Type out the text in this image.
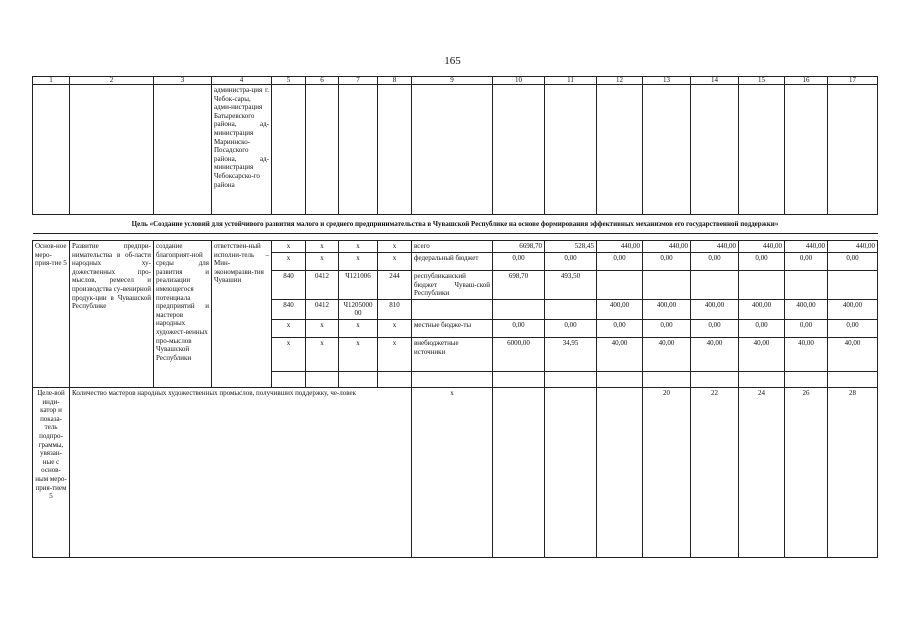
165
1	2	3	4	5	6	7	8	9	10	11	12	13	14	15	16	17
			администра-ция г. Чебок-сары, адми-нистрация Батыревского района, ад-министрация Мариинско-Посадского района, ад-министрация Чебоксарско-го района													
Цель «Создание условий для устойчивого развития малого и среднего предпринимательства в Чувашской Республике на основе формирования эффективных механизмов его государственной поддержки»																

Основ-ное меро-прия-тие 5	Развитие предпри-нимательства в об-ласти народных ху-дожественных про-мыслов, ремесел и производства су-венирной продук-ции в Чувашской Республике	создание благоприят-ной среды для развития и реализации имеющегося потенциала предприятий и мастеров народных художест-венных про-мыслов Чувашской Республики	ответствен-ный исполни-тель – Мин-экономразви-тия Чувашии	x	x	x	x	всего	6698,70	528,45	440,00	440,00	440,00	440,00	440,00	440,00
				x	x	x	x	федеральный бюджет	0,00	0,00	0,00	0,00	0,00	0,00	0,00	0,00
				840	0412	Ч121006	244	республиканский бюджет Чуваш-ской Республики	698,70	493,50						
				840	0412	Ч1205000 00	810				400,00	400,00	400,00	400,00	400,00	400,00
				x	x	x	x	местные бюдже-ты	0,00	0,00	0,00	0,00	0,00	0,00	0,00	0,00
				x	x	x	x	внебюджетные источники	6000,00	34,95	40,00	40,00	40,00	40,00	40,00	40,00

Целе-вой инди-катор и показа-тель подпро-граммы, увязан-ные с основ-ным меро-прия-тием 5	Количество мастеров народных художественных промыслов, получивших поддержку, че-ловек							x				20	22	24	26	28
